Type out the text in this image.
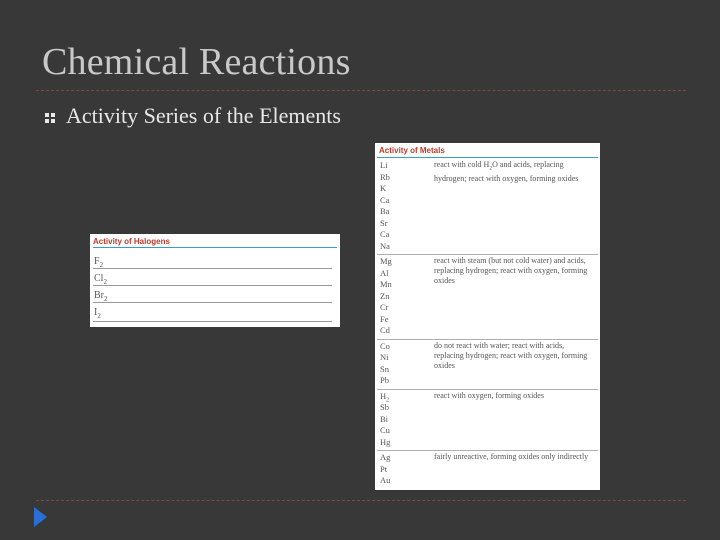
Chemical Reactions
Activity Series of the Elements
Activity of Halogens
$F_2$
$Cl_2$
$Br_2$
$I_2$
Activity of Metals
Li
Rb
K
Ca
Ba
Sr
Ca
Na
react with cold $H_2O$ and acids, replacing hydrogen; react with oxygen, forming oxides
Mg
Al
Mn
Zn
Cr
Fe
Cd
react with steam (but not cold water) and acids, replacing hydrogen; react with oxygen, forming oxides
Co
Ni
Sn
Pb
do not react with water; react with acids, replacing hydrogen; react with oxygen, forming oxides
$H_2$
Sb
Bi
Cu
Hg
react with oxygen, forming oxides
Ag
Pt
Au
fairly unreactive, forming oxides only indirectly
